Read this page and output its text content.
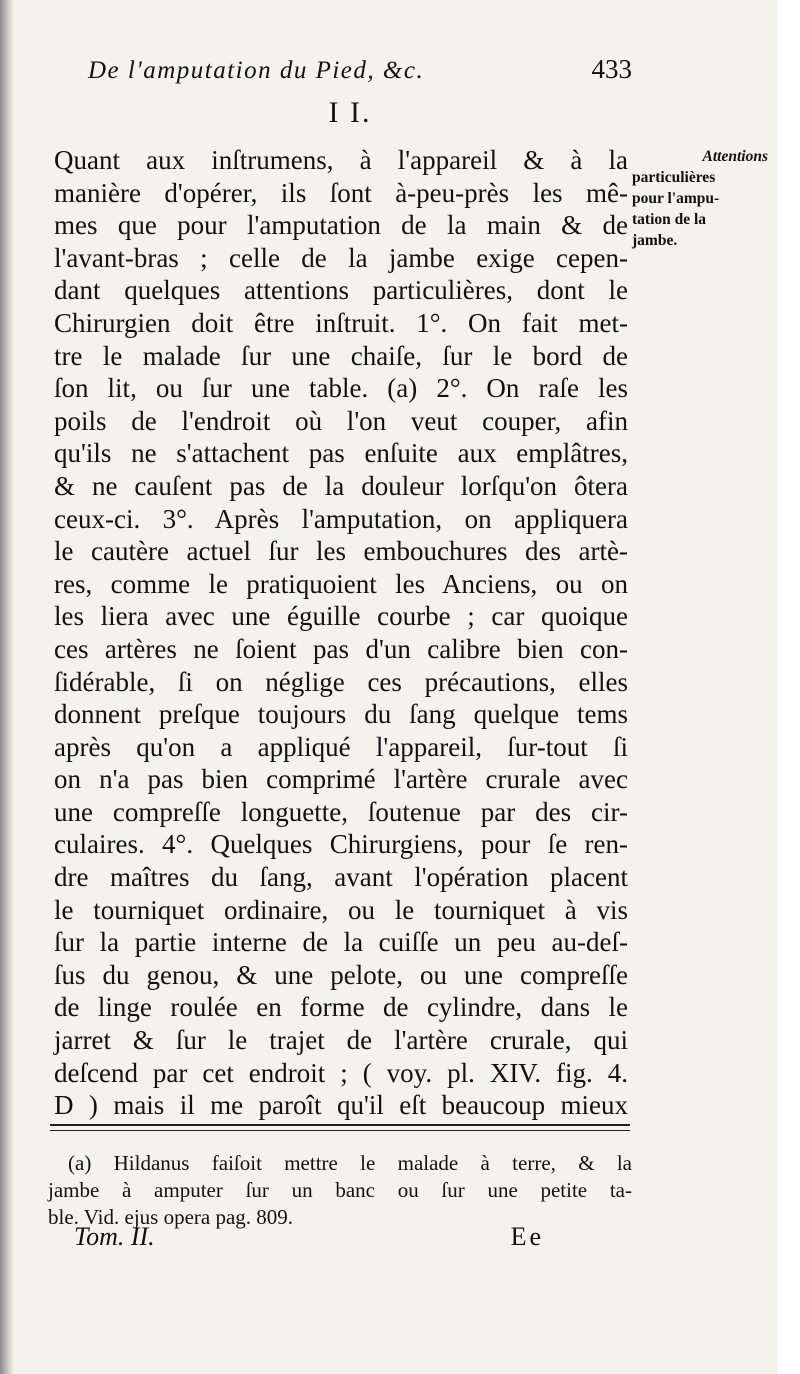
De l'amputation du Pied, &c.	433
I I.
Quant aux inſtrumens, à l'appareil & à la
manière d'opérer, ils ſont à-peu-près les mê-
mes que pour l'amputation de la main & de
l'avant-bras ; celle de la jambe exige cepen-
dant quelques attentions particulières, dont le
Chirurgien doit être inſtruit. 1°. On fait met-
tre le malade ſur une chaiſe, ſur le bord de
ſon lit, ou ſur une table. (a) 2°. On raſe les
poils de l'endroit où l'on veut couper, afin
qu'ils ne s'attachent pas enſuite aux emplâtres,
& ne cauſent pas de la douleur lorſqu'on ôtera
ceux-ci. 3°. Après l'amputation, on appliquera
le cautère actuel ſur les embouchures des artè-
res, comme le pratiquoient les Anciens, ou on
les liera avec une éguille courbe ; car quoique
ces artères ne ſoient pas d'un calibre bien con-
ſidérable, ſi on néglige ces précautions, elles
donnent preſque toujours du ſang quelque tems
après qu'on a appliqué l'appareil, ſur-tout ſi
on n'a pas bien comprimé l'artère crurale avec
une compreſſe longuette, ſoutenue par des cir-
culaires. 4°. Quelques Chirurgiens, pour ſe ren-
dre maîtres du ſang, avant l'opération placent
le tourniquet ordinaire, ou le tourniquet à vis
ſur la partie interne de la cuiſſe un peu au-deſ-
ſus du genou, & une pelote, ou une compreſſe
de linge roulée en forme de cylindre, dans le
jarret & ſur le trajet de l'artère crurale, qui
deſcend par cet endroit ; ( voy. pl. XIV. fig. 4.
D ) mais il me paroît qu'il eſt beaucoup mieux
Attentions
particulières
pour l'ampu-
tation de la
jambe.
(a) Hildanus faiſoit mettre le malade à terre, & la
jambe à amputer ſur un banc ou ſur une petite ta-
ble. Vid. ejus opera pag. 809.
Tom. II.	Ee
